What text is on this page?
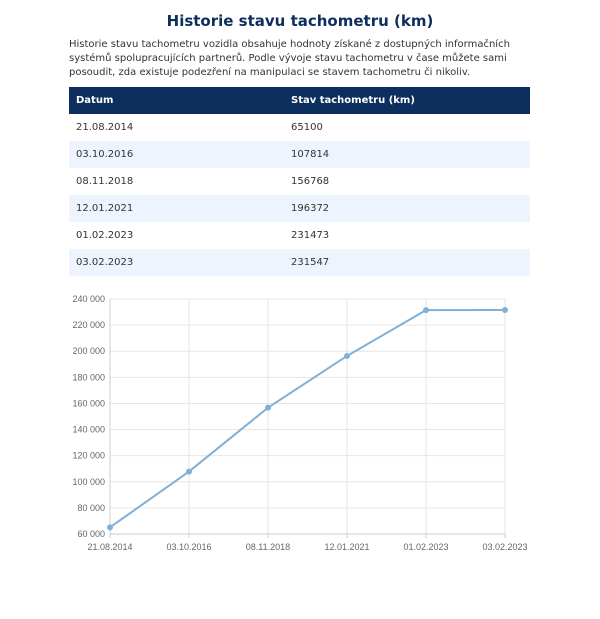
Historie stavu tachometru (km)
Historie stavu tachometru vozidla obsahuje hodnoty získané z dostupných informačních systémů spolupracujících partnerů. Podle vývoje stavu tachometru v čase můžete sami posoudit, zda existuje podezření na manipulaci se stavem tachometru či nikoliv.
Datum	Stav tachometru (km)
21.08.2014	65100
03.10.2016	107814
08.11.2018	156768
12.01.2021	196372
01.02.2023	231473
03.02.2023	231547
60 000
80 000
100 000
120 000
140 000
160 000
180 000
200 000
220 000
240 000
21.08.2014	03.10.2016	08.11.2018	12.01.2021	01.02.2023	03.02.2023
